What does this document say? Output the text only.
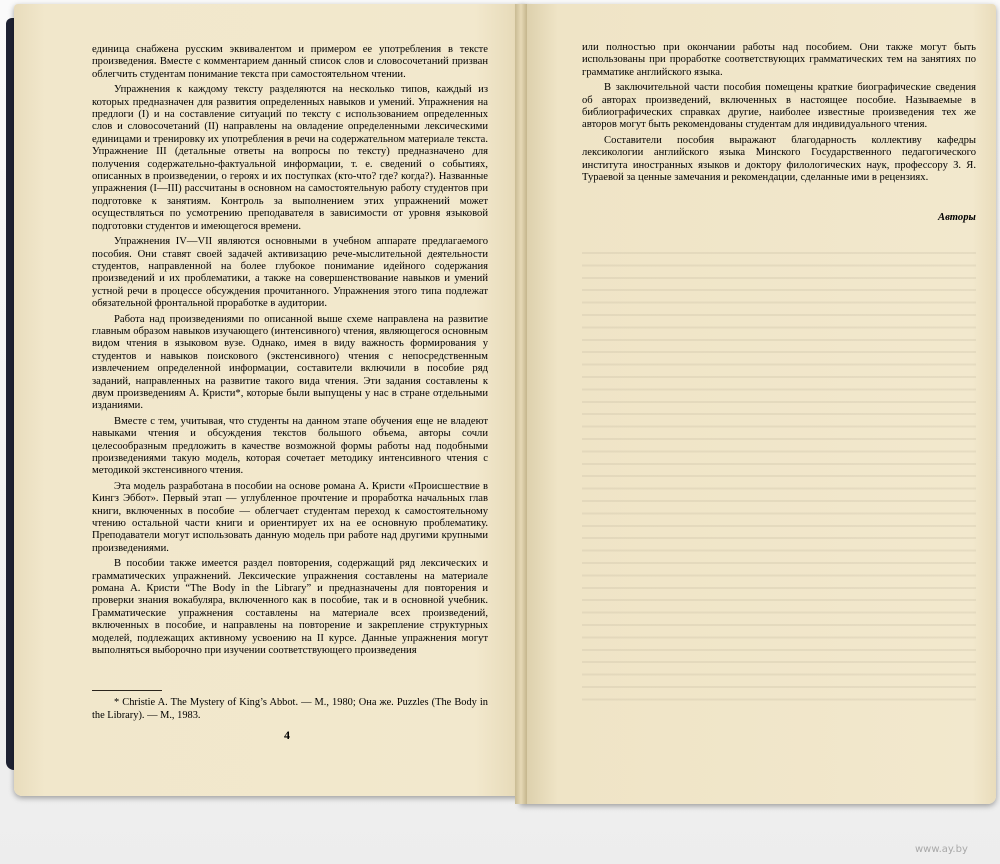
единица снабжена русским эквивалентом и примером ее употребления в тексте произведения. Вместе с комментарием данный список слов и словосочетаний призван облегчить студентам понимание текста при самостоятельном чтении.

Упражнения к каждому тексту разделяются на несколько типов, каждый из которых предназначен для развития определенных навыков и умений. Упражнения на предлоги (I) и на составление ситуаций по тексту с использованием определенных слов и словосочетаний (II) направлены на овладение определенными лексическими единицами и тренировку их употребления в речи на содержательном материале текста. Упражнение III (детальные ответы на вопросы по тексту) предназначено для получения содержательно-фактуальной информации, т. е. сведений о событиях, описанных в произведении, о героях и их поступках (кто-что? где? когда?). Названные упражнения (I—III) рассчитаны в основном на самостоятельную работу студентов при подготовке к занятиям. Контроль за выполнением этих упражнений может осуществляться по усмотрению преподавателя в зависимости от уровня языковой подготовки студентов и имеющегося времени.

Упражнения IV—VII являются основными в учебном аппарате предлагаемого пособия. Они ставят своей задачей активизацию рече-мыслительной деятельности студентов, направленной на более глубокое понимание идейного содержания произведений и их проблематики, а также на совершенствование навыков и умений устной речи в процессе обсуждения прочитанного. Упражнения этого типа подлежат обязательной фронтальной проработке в аудитории.

Работа над произведениями по описанной выше схеме направлена на развитие главным образом навыков изучающего (интенсивного) чтения, являющегося основным видом чтения в языковом вузе. Однако, имея в виду важность формирования у студентов и навыков поискового (экстенсивного) чтения с непосредственным извлечением определенной информации, составители включили в пособие ряд заданий, направленных на развитие такого вида чтения. Эти задания составлены к двум произведениям А. Кристи*, которые были выпущены у нас в стране отдельными изданиями.

Вместе с тем, учитывая, что студенты на данном этапе обучения еще не владеют навыками чтения и обсуждения текстов большого объема, авторы сочли целесообразным предложить в качестве возможной формы работы над подобными произведениями такую модель, которая сочетает методику интенсивного чтения с методикой экстенсивного чтения.

Эта модель разработана в пособии на основе романа А. Кристи «Происшествие в Кингз Эббот». Первый этап — углубленное прочтение и проработка начальных глав книги, включенных в пособие — облегчает студентам переход к самостоятельному чтению остальной части книги и ориентирует их на ее основную проблематику. Преподаватели могут использовать данную модель при работе над другими крупными произведениями.

В пособии также имеется раздел повторения, содержащий ряд лексических и грамматических упражнений. Лексические упражнения составлены на материале романа А. Кристи “The Body in the Library” и предназначены для повторения и проверки знания вокабуляра, включенного как в пособие, так и в основной учебник. Грамматические упражнения составлены на материале всех произведений, включенных в пособие, и направлены на повторение и закрепление структурных моделей, подлежащих активному усвоению на II курсе. Данные упражнения могут выполняться выборочно при изучении соответствующего произведения

* Christie A. The Mystery of King’s Abbot. — M., 1980; Она же. Puzzles (The Body in the Library). — M., 1983.
4

или полностью при окончании работы над пособием. Они также могут быть использованы при проработке соответствующих грамматических тем на занятиях по грамматике английского языка.

В заключительной части пособия помещены краткие биографические сведения об авторах произведений, включенных в настоящее пособие. Называемые в библиографических справках другие, наиболее известные произведения тех же авторов могут быть рекомендованы студентам для индивидуального чтения.

Составители пособия выражают благодарность коллективу кафедры лексикологии английского языка Минского Государственного педагогического института иностранных языков и доктору филологических наук, профессору З. Я. Тураевой за ценные замечания и рекомендации, сделанные ими в рецензиях.

Авторы
www.ay.by
